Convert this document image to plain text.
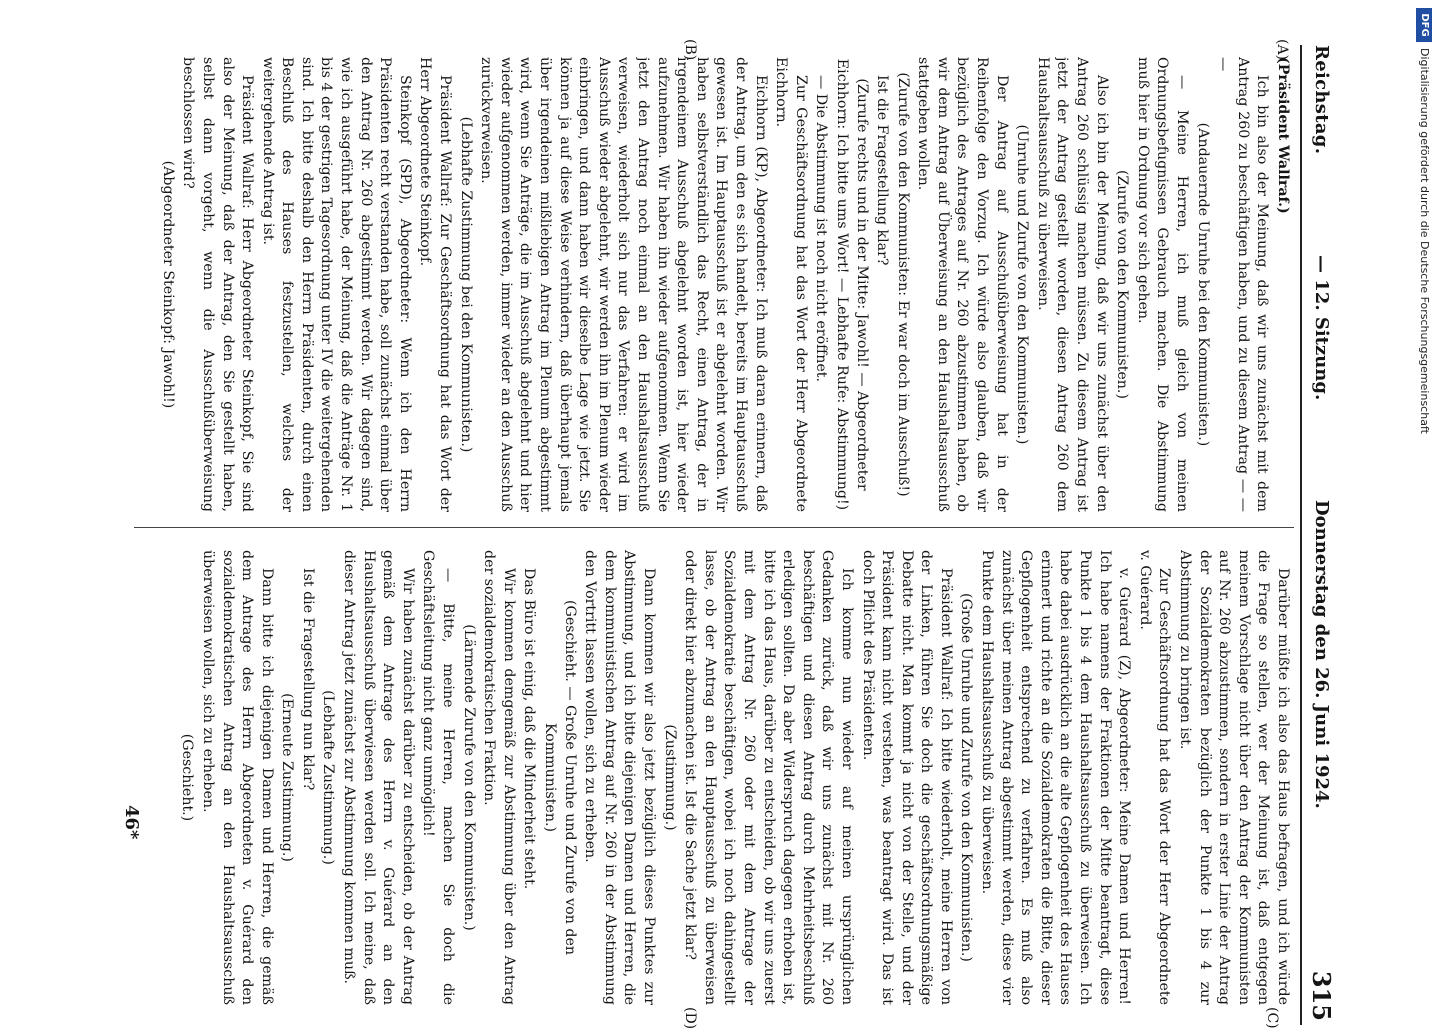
Reichstag.
— 12. Sitzung.
Donnerstag den 26. Juni 1924.
315
(A)
(B)
(C)
(D)

(Präsident Wallraf.)

Ich bin also der Meinung, daß wir uns zunächst mit dem Antrag 260 zu beschäftigen haben, und zu diesem Antrag — — —

(Andauernde Unruhe bei den Kommunisten.)

— Meine Herren, ich muß gleich von meinen Ordnungsbefugnissen Gebrauch machen. Die Abstimmung muß hier in Ordnung vor sich gehen.

(Zurufe von den Kommunisten.)

Also ich bin der Meinung, daß wir uns zunächst über den Antrag 260 schlüssig machen müssen. Zu diesem Antrag ist jetzt der Antrag gestellt worden, diesen Antrag 260 dem Haushaltsausschuß zu überweisen.

(Unruhe und Zurufe von den Kommunisten.)

Der Antrag auf Ausschußüberweisung hat in der Reihenfolge den Vorzug. Ich würde also glauben, daß wir bezüglich des Antrages auf Nr. 260 abzustimmen haben, ob wir dem Antrag auf Überweisung an den Haushaltsausschuß stattgeben wollen.

(Zurufe von den Kommunisten: Er war doch im Ausschuß!)

Ist die Fragestellung klar?

(Zurufe rechts und in der Mitte: Jawohl! — Abgeordneter Eichhorn: Ich bitte ums Wort! — Lebhafte Rufe: Abstimmung!)

— Die Abstimmung ist noch nicht eröffnet.

Zur Geschäftsordnung hat das Wort der Herr Abgeordnete Eichhorn.

Eichhorn (KP), Abgeordneter: Ich muß daran erinnern, daß der Antrag, um den es sich handelt, bereits im Hauptausschuß gewesen ist. Im Hauptausschuß ist er abgelehnt worden. Wir haben selbstverständlich das Recht, einen Antrag, der in irgendeinem Ausschuß abgelehnt worden ist, hier wieder aufzunehmen. Wir haben ihn wieder aufgenommen. Wenn Sie jetzt den Antrag noch einmal an den Haushaltsausschuß verweisen, wiederholt sich nur das Verfahren: er wird im Ausschuß wieder abgelehnt, wir werden ihn im Plenum wieder einbringen, und dann haben wir dieselbe Lage wie jetzt. Sie können ja auf diese Weise verhindern, daß überhaupt jemals über irgendeinen mißliebigen Antrag im Plenum abgestimmt wird, wenn Sie Anträge, die im Ausschuß abgelehnt und hier wieder aufgenommen werden, immer wieder an den Ausschuß zurückverweisen.

(Lebhafte Zustimmung bei den Kommunisten.)

Präsident Wallraf: Zur Geschäftsordnung hat das Wort der Herr Abgeordnete Steinkopf.

Steinkopf (SPD), Abgeordneter: Wenn ich den Herrn Präsidenten recht verstanden habe, soll zunächst einmal über den Antrag Nr. 260 abgestimmt werden. Wir dagegen sind, wie ich ausgeführt habe, der Meinung, daß die Anträge Nr. 1 bis 4 der gestrigen Tagesordnung unter IV die weitergehenden sind. Ich bitte deshalb den Herrn Präsidenten, durch einen Beschluß des Hauses festzustellen, welches der weitergehende Antrag ist.

Präsident Wallraf: Herr Abgeordneter Steinkopf, Sie sind also der Meinung, daß der Antrag, den Sie gestellt haben, selbst dann vorgeht, wenn die Ausschußüberweisung beschlossen wird?

(Abgeordneter Steinkopf: Jawohl!)

Darüber müßte ich also das Haus befragen, und ich würde die Frage so stellen, wer der Meinung ist, daß entgegen meinem Vorschlage nicht über den Antrag der Kommunisten auf Nr. 260 abzustimmen, sondern in erster Linie der Antrag der Sozialdemokraten bezüglich der Punkte 1 bis 4 zur Abstimmung zu bringen ist.

Zur Geschäftsordnung hat das Wort der Herr Abgeordnete v. Guérard.

v. Guérard (Z), Abgeordneter: Meine Damen und Herren! Ich habe namens der Fraktionen der Mitte beantragt, diese Punkte 1 bis 4 dem Haushaltsausschuß zu überweisen. Ich habe dabei ausdrücklich an die alte Gepflogenheit des Hauses erinnert und richte an die Sozialdemokraten die Bitte, dieser Gepflogenheit entsprechend zu verfahren. Es muß also zunächst über meinen Antrag abgestimmt werden, diese vier Punkte dem Haushaltsausschuß zu überweisen.

(Große Unruhe und Zurufe von den Kommunisten.)

Präsident Wallraf: Ich bitte wiederholt, meine Herren von der Linken, führen Sie doch die geschäftsordnungsmäßige Debatte nicht. Man kommt ja nicht von der Stelle, und der Präsident kann nicht verstehen, was beantragt wird. Das ist doch Pflicht des Präsidenten.

Ich komme nun wieder auf meinen ursprünglichen Gedanken zurück, daß wir uns zunächst mit Nr. 260 beschäftigen und diesen Antrag durch Mehrheitsbeschluß erledigen sollten. Da aber Widerspruch dagegen erhoben ist, bitte ich das Haus, darüber zu entscheiden, ob wir uns zuerst mit dem Antrag Nr. 260 oder mit dem Antrage der Sozialdemokratie beschäftigen, wobei ich noch dahingestellt lasse, ob der Antrag an den Hauptausschuß zu überweisen oder direkt hier abzumachen ist. Ist die Sache jetzt klar?

(Zustimmung.)

Dann kommen wir also jetzt bezüglich dieses Punktes zur Abstimmung, und ich bitte diejenigen Damen und Herren, die dem kommunistischen Antrag auf Nr. 260 in der Abstimmung den Vortritt lassen wollen, sich zu erheben.

(Geschieht. — Große Unruhe und Zurufe von den Kommunisten.)

Das Büro ist einig, daß die Minderheit steht.

Wir kommen demgemäß zur Abstimmung über den Antrag der sozialdemokratischen Fraktion.

(Lärmende Zurufe von den Kommunisten.)

— Bitte, meine Herren, machen Sie doch die Geschäftsleitung nicht ganz unmöglich!

Wir haben zunächst darüber zu entscheiden, ob der Antrag gemäß dem Antrage des Herrn v. Guérard an den Haushaltsausschuß überwiesen werden soll. Ich meine, daß dieser Antrag jetzt zunächst zur Abstimmung kommen muß.

(Lebhafte Zustimmung.)

Ist die Fragestellung nun klar?

(Erneute Zustimmung.)

Dann bitte ich diejenigen Damen und Herren, die gemäß dem Antrage des Herrn Abgeordneten v. Guérard den sozialdemokratischen Antrag an den Haushaltsausschuß überweisen wollen, sich zu erheben.

(Geschieht.)

46*
DFG
Digitalisierung gefördert durch die Deutsche Forschungsgemeinschaft
